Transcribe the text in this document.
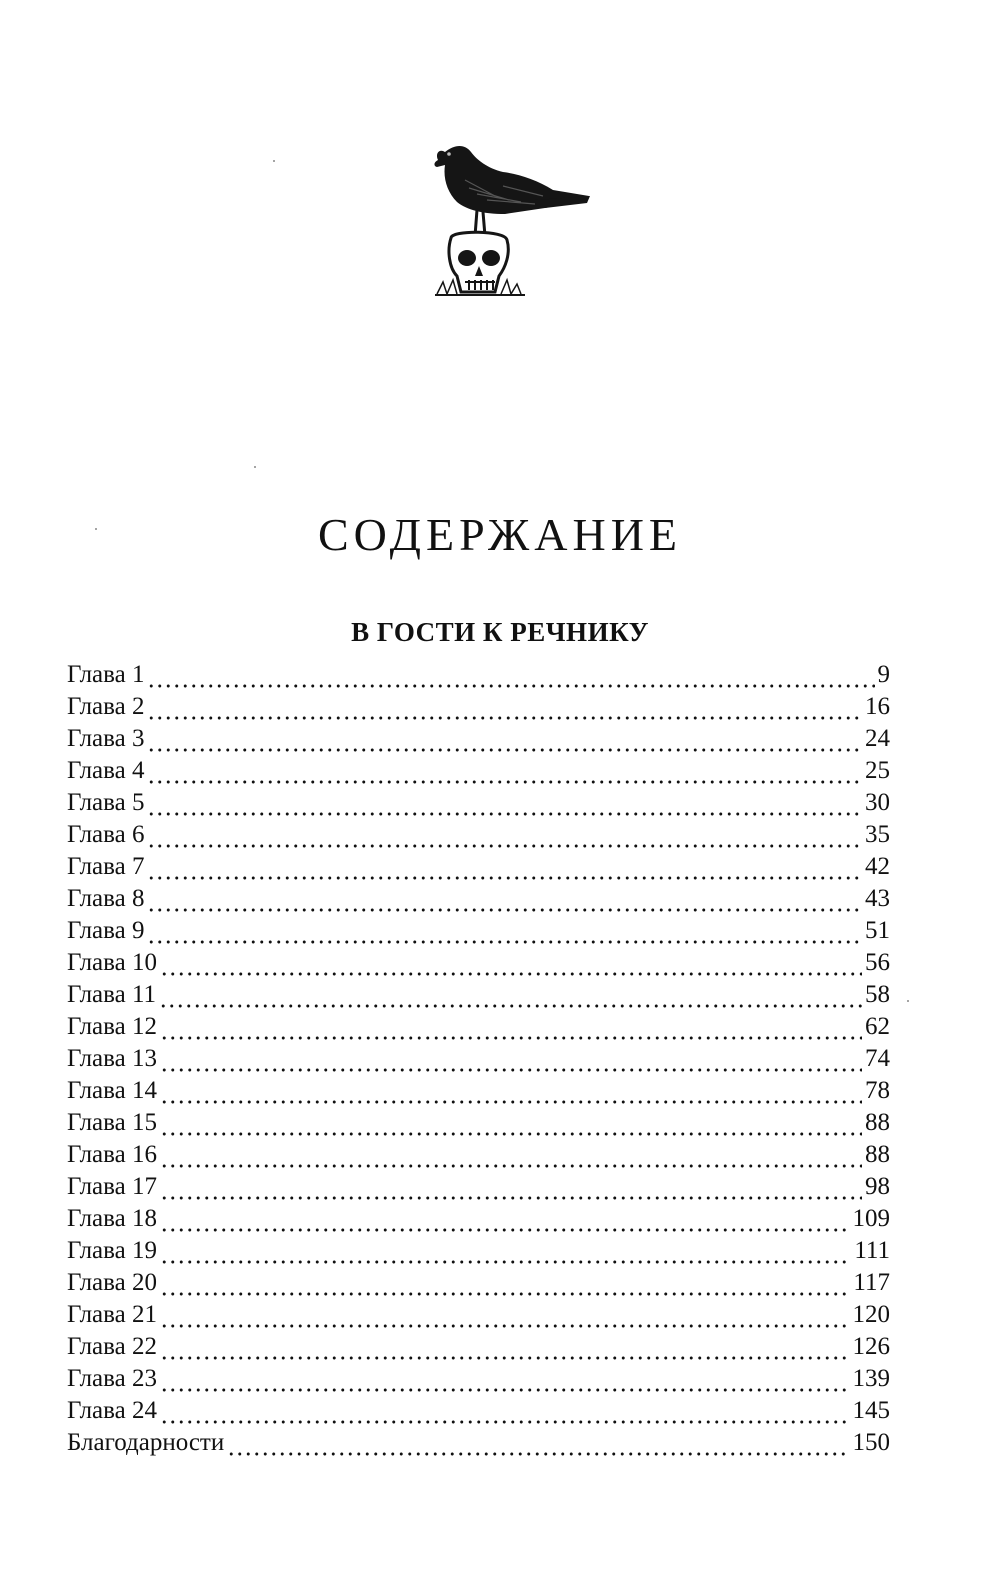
СОДЕРЖАНИЕ
В ГОСТИ К РЕЧНИКУ
Глава 1	9
Глава 2	16
Глава 3	24
Глава 4	25
Глава 5	30
Глава 6	35
Глава 7	42
Глава 8	43
Глава 9	51
Глава 10	56
Глава 11	58
Глава 12	62
Глава 13	74
Глава 14	78
Глава 15	88
Глава 16	88
Глава 17	98
Глава 18	109
Глава 19	111
Глава 20	117
Глава 21	120
Глава 22	126
Глава 23	139
Глава 24	145
Благодарности	150
